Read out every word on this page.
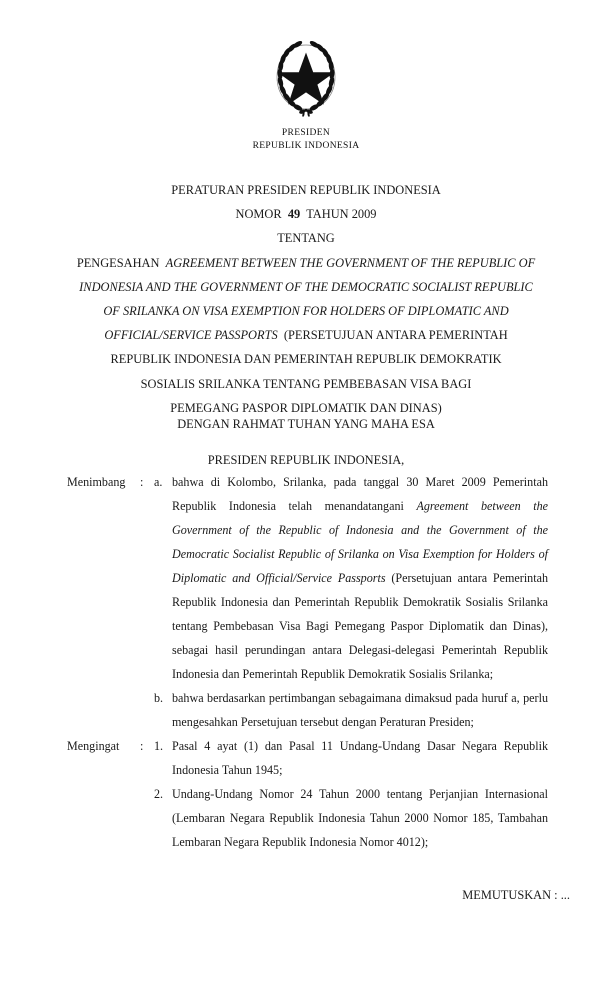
PRESIDEN
REPUBLIK INDONESIA
PERATURAN PRESIDEN REPUBLIK INDONESIA
NOMOR 49 TAHUN 2009
TENTANG
PENGESAHAN AGREEMENT BETWEEN THE GOVERNMENT OF THE REPUBLIC OF
INDONESIA AND THE GOVERNMENT OF THE DEMOCRATIC SOCIALIST REPUBLIC
OF SRILANKA ON VISA EXEMPTION FOR HOLDERS OF DIPLOMATIC AND
OFFICIAL/SERVICE PASSPORTS (PERSETUJUAN ANTARA PEMERINTAH
REPUBLIK INDONESIA DAN PEMERINTAH REPUBLIK DEMOKRATIK
SOSIALIS SRILANKA TENTANG PEMBEBASAN VISA BAGI
PEMEGANG PASPOR DIPLOMATIK DAN DINAS)
DENGAN RAHMAT TUHAN YANG MAHA ESA
PRESIDEN REPUBLIK INDONESIA,
Menimbang	: a. bahwa di Kolombo, Srilanka, pada tanggal 30 Maret 2009 Pemerintah Republik Indonesia telah menandatangani Agreement between the Government of the Republic of Indonesia and the Government of the Democratic Socialist Republic of Srilanka on Visa Exemption for Holders of Diplomatic and Official/Service Passports (Persetujuan antara Pemerintah Republik Indonesia dan Pemerintah Republik Demokratik Sosialis Srilanka tentang Pembebasan Visa Bagi Pemegang Paspor Diplomatik dan Dinas), sebagai hasil perundingan antara Delegasi-delegasi Pemerintah Republik Indonesia dan Pemerintah Republik Demokratik Sosialis Srilanka;
b. bahwa berdasarkan pertimbangan sebagaimana dimaksud pada huruf a, perlu mengesahkan Persetujuan tersebut dengan Peraturan Presiden;
Mengingat	: 1. Pasal 4 ayat (1) dan Pasal 11 Undang-Undang Dasar Negara Republik Indonesia Tahun 1945;
2. Undang-Undang Nomor 24 Tahun 2000 tentang Perjanjian Internasional (Lembaran Negara Republik Indonesia Tahun 2000 Nomor 185, Tambahan Lembaran Negara Republik Indonesia Nomor 4012);
MEMUTUSKAN : ...
